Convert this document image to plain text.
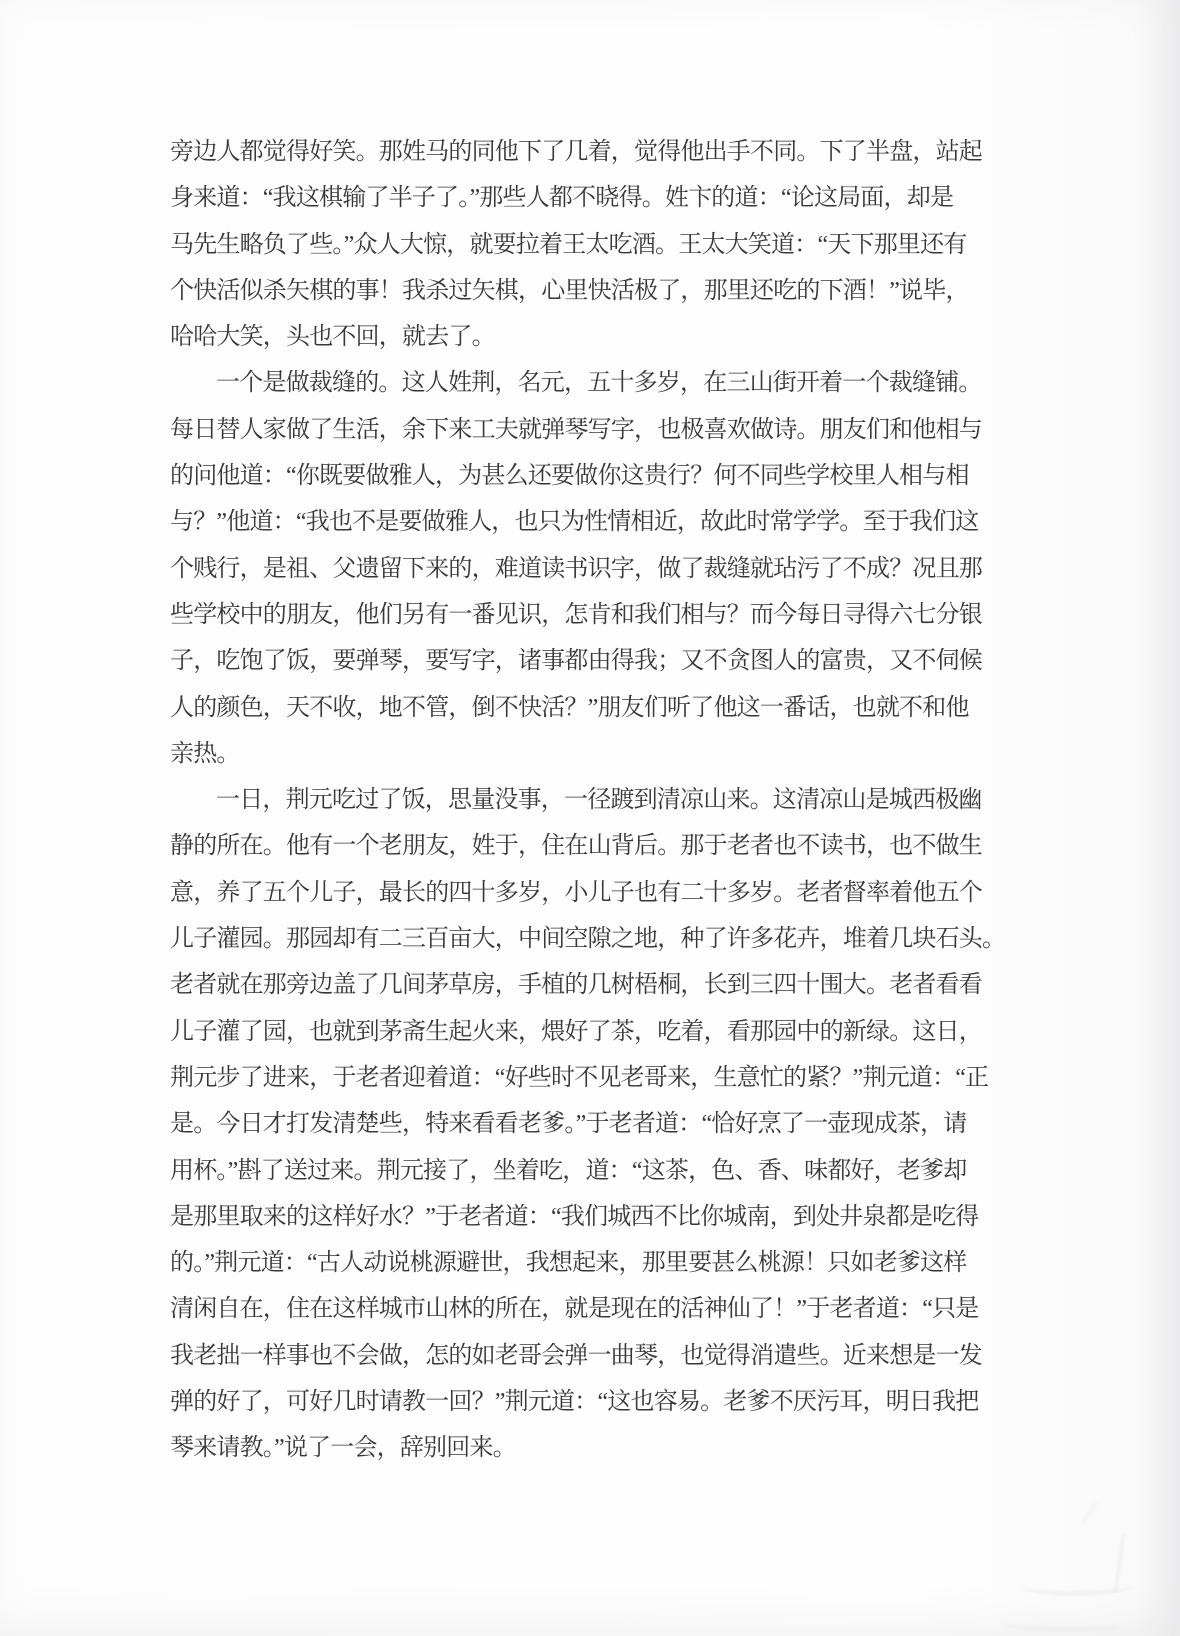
旁边人都觉得好笑。那姓马的同他下了几着，觉得他出手不同。下了半盘，站起
身来道：“我这棋输了半子了。”那些人都不晓得。姓卞的道：“论这局面，却是
马先生略负了些。”众人大惊，就要拉着王太吃酒。王太大笑道：“天下那里还有
个快活似杀矢棋的事！我杀过矢棋，心里快活极了，那里还吃的下酒！”说毕，
哈哈大笑，头也不回，就去了。
一个是做裁缝的。这人姓荆，名元，五十多岁，在三山街开着一个裁缝铺。
每日替人家做了生活，余下来工夫就弹琴写字，也极喜欢做诗。朋友们和他相与
的问他道：“你既要做雅人，为甚么还要做你这贵行？何不同些学校里人相与相
与？”他道：“我也不是要做雅人，也只为性情相近，故此时常学学。至于我们这
个贱行，是祖、父遗留下来的，难道读书识字，做了裁缝就玷污了不成？况且那
些学校中的朋友，他们另有一番见识，怎肯和我们相与？而今每日寻得六七分银
子，吃饱了饭，要弹琴，要写字，诸事都由得我；又不贪图人的富贵，又不伺候
人的颜色，天不收，地不管，倒不快活？”朋友们听了他这一番话，也就不和他
亲热。
一日，荆元吃过了饭，思量没事，一径踱到清凉山来。这清凉山是城西极幽
静的所在。他有一个老朋友，姓于，住在山背后。那于老者也不读书，也不做生
意，养了五个儿子，最长的四十多岁，小儿子也有二十多岁。老者督率着他五个
儿子灌园。那园却有二三百亩大，中间空隙之地，种了许多花卉，堆着几块石头。
老者就在那旁边盖了几间茅草房，手植的几树梧桐，长到三四十围大。老者看看
儿子灌了园，也就到茅斋生起火来，煨好了茶，吃着，看那园中的新绿。这日，
荆元步了进来，于老者迎着道：“好些时不见老哥来，生意忙的紧？”荆元道：“正
是。今日才打发清楚些，特来看看老爹。”于老者道：“恰好烹了一壶现成茶，请
用杯。”斟了送过来。荆元接了，坐着吃，道：“这茶，色、香、味都好，老爹却
是那里取来的这样好水？”于老者道：“我们城西不比你城南，到处井泉都是吃得
的。”荆元道：“古人动说桃源避世，我想起来，那里要甚么桃源！只如老爹这样
清闲自在，住在这样城市山林的所在，就是现在的活神仙了！”于老者道：“只是
我老拙一样事也不会做，怎的如老哥会弹一曲琴，也觉得消遣些。近来想是一发
弹的好了，可好几时请教一回？”荆元道：“这也容易。老爹不厌污耳，明日我把
琴来请教。”说了一会，辞别回来。
